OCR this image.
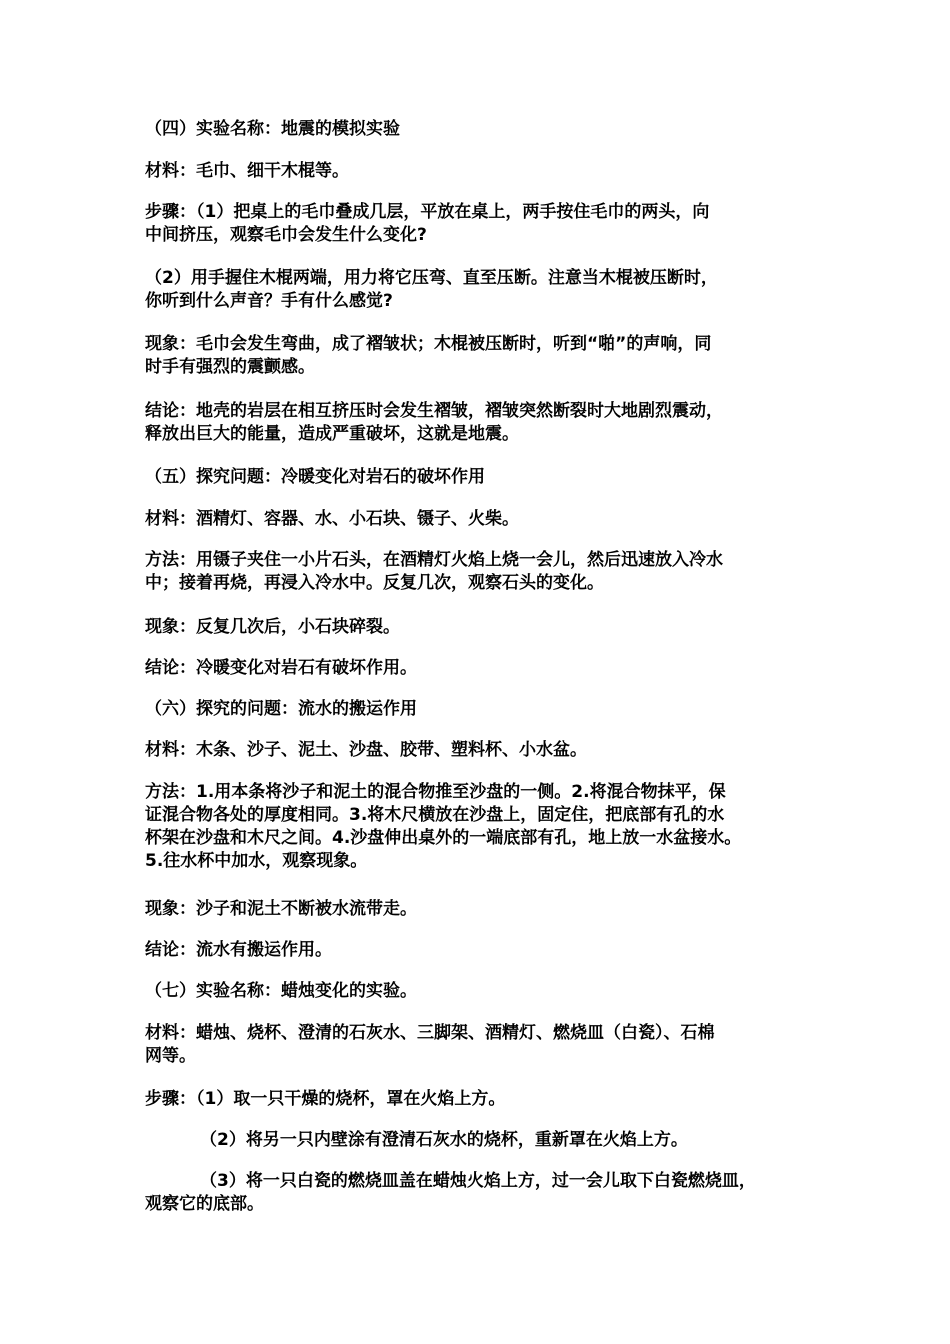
（四）实验名称：地震的模拟实验
材料：毛巾、细干木棍等。
步骤：（1）把桌上的毛巾叠成几层，平放在桌上，两手按住毛巾的两头，向
中间挤压，观察毛巾会发生什么变化?
（2）用手握住木棍两端，用力将它压弯、直至压断。注意当木棍被压断时，
你听到什么声音？手有什么感觉?
现象：毛巾会发生弯曲，成了褶皱状；木棍被压断时，听到“啪”的声响，同
时手有强烈的震颤感。
结论：地壳的岩层在相互挤压时会发生褶皱，褶皱突然断裂时大地剧烈震动，
释放出巨大的能量，造成严重破坏，这就是地震。
（五）探究问题：冷暖变化对岩石的破坏作用
材料：酒精灯、容器、水、小石块、镊子、火柴。
方法：用镊子夹住一小片石头，在酒精灯火焰上烧一会儿，然后迅速放入冷水
中；接着再烧，再浸入冷水中。反复几次，观察石头的变化。
现象：反复几次后，小石块碎裂。
结论：冷暖变化对岩石有破坏作用。
（六）探究的问题：流水的搬运作用
材料：木条、沙子、泥土、沙盘、胶带、塑料杯、小水盆。
方法：1.用本条将沙子和泥土的混合物推至沙盘的一侧。2.将混合物抹平，保
证混合物各处的厚度相同。3.将木尺横放在沙盘上，固定住，把底部有孔的水
杯架在沙盘和木尺之间。4.沙盘伸出桌外的一端底部有孔，地上放一水盆接水。
5.往水杯中加水，观察现象。
现象：沙子和泥土不断被水流带走。
结论：流水有搬运作用。
（七）实验名称：蜡烛变化的实验。
材料：蜡烛、烧杯、澄清的石灰水、三脚架、酒精灯、燃烧皿（白瓷）、石棉
网等。
步骤：（1）取一只干燥的烧杯，罩在火焰上方。
（2）将另一只内壁涂有澄清石灰水的烧杯，重新罩在火焰上方。
（3）将一只白瓷的燃烧皿盖在蜡烛火焰上方，过一会儿取下白瓷燃烧皿，
观察它的底部。
